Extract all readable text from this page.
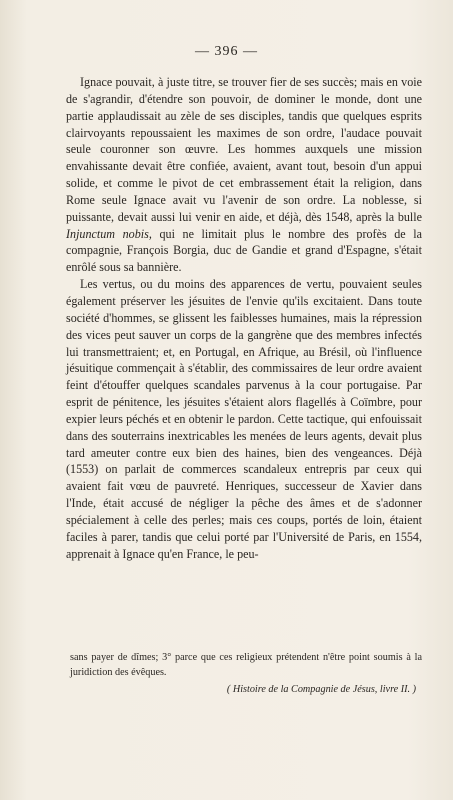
— 396 —

Ignace pouvait, à juste titre, se trouver fier de ses succès; mais en voie de s'agrandir, d'étendre son pouvoir, de dominer le monde, dont une partie applaudissait au zèle de ses disciples, tandis que quelques esprits clairvoyants repoussaient les maximes de son ordre, l'audace pouvait seule couronner son œuvre. Les hommes auxquels une mission envahissante devait être confiée, avaient, avant tout, besoin d'un appui solide, et comme le pivot de cet embrassement était la religion, dans Rome seule Ignace avait vu l'avenir de son ordre. La noblesse, si puissante, devait aussi lui venir en aide, et déjà, dès 1548, après la bulle Injunctum nobis, qui ne limitait plus le nombre des profès de la compagnie, François Borgia, duc de Gandie et grand d'Espagne, s'était enrôlé sous sa bannière.

Les vertus, ou du moins des apparences de vertu, pouvaient seules également préserver les jésuites de l'envie qu'ils excitaient. Dans toute société d'hommes, se glissent les faiblesses humaines, mais la répression des vices peut sauver un corps de la gangrène que des membres infectés lui transmettraient; et, en Portugal, en Afrique, au Brésil, où l'influence jésuitique commençait à s'établir, des commissaires de leur ordre avaient feint d'étouffer quelques scandales parvenus à la cour portugaise. Par esprit de pénitence, les jésuites s'étaient alors flagellés à Coïmbre, pour expier leurs péchés et en obtenir le pardon. Cette tactique, qui enfouissait dans des souterrains inextricables les menées de leurs agents, devait plus tard ameuter contre eux bien des haines, bien des vengeances. Déjà (1553) on parlait de commerces scandaleux entrepris par ceux qui avaient fait vœu de pauvreté. Henriques, successeur de Xavier dans l'Inde, était accusé de négliger la pêche des âmes et de s'adonner spécialement à celle des perles; mais ces coups, portés de loin, étaient faciles à parer, tandis que celui porté par l'Université de Paris, en 1554, apprenait à Ignace qu'en France, le peu-

sans payer de dîmes; 3° parce que ces religieux prétendent n'être point soumis à la juridiction des évêques.

( Histoire de la Compagnie de Jésus, livre II. )
